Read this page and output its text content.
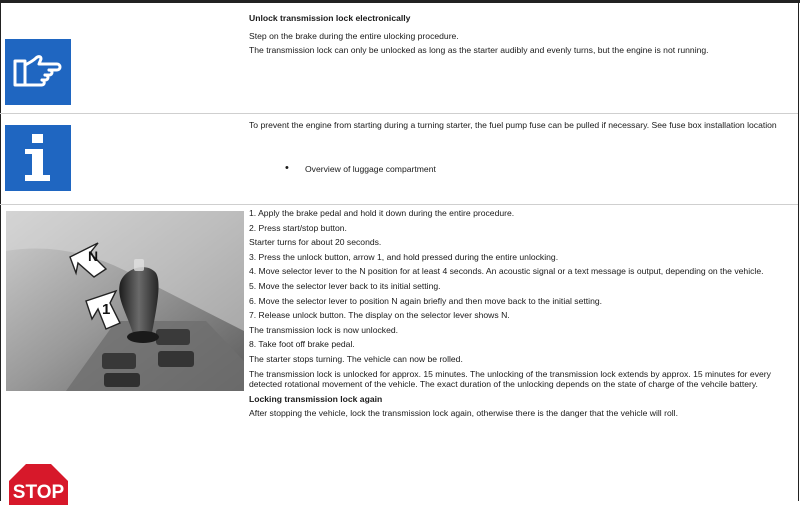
Unlock transmission lock electronically

Step on the brake during the entire ulocking procedure.

The transmission lock can only be unlocked as long as the starter audibly and evenly turns, but the engine is not running.

To prevent the engine from starting during a turning starter, the fuel pump fuse can be pulled if necessary. See fuse box installation location

•	Overview of luggage compartment
N
1

1. Apply the brake pedal and hold it down during the entire procedure.

2. Press start/stop button.

Starter turns for about 20 seconds.

3. Press the unlock button, arrow 1, and hold pressed during the entire unlocking.

4. Move selector lever to the N position for at least 4 seconds. An acoustic signal or a text message is output, depending on the vehicle.

5. Move the selector lever back to its initial setting.

6. Move the selector lever to position N again briefly and then move back to the initial setting.

7. Release unlock button. The display on the selector lever shows N.

The transmission lock is now unlocked.

8. Take foot off brake pedal.

The starter stops turning. The vehicle can now be rolled.

The transmission lock is unlocked for approx. 15 minutes. The unlocking of the transmission lock extends by approx. 15 minutes for every detected rotational movement of the vehicle. The exact duration of the unlocking depends on the state of charge of the vehcile battery.

Locking transmission lock again

After stopping the vehicle, lock the transmission lock again, otherwise there is the danger that the vehicle will roll.

STOP
